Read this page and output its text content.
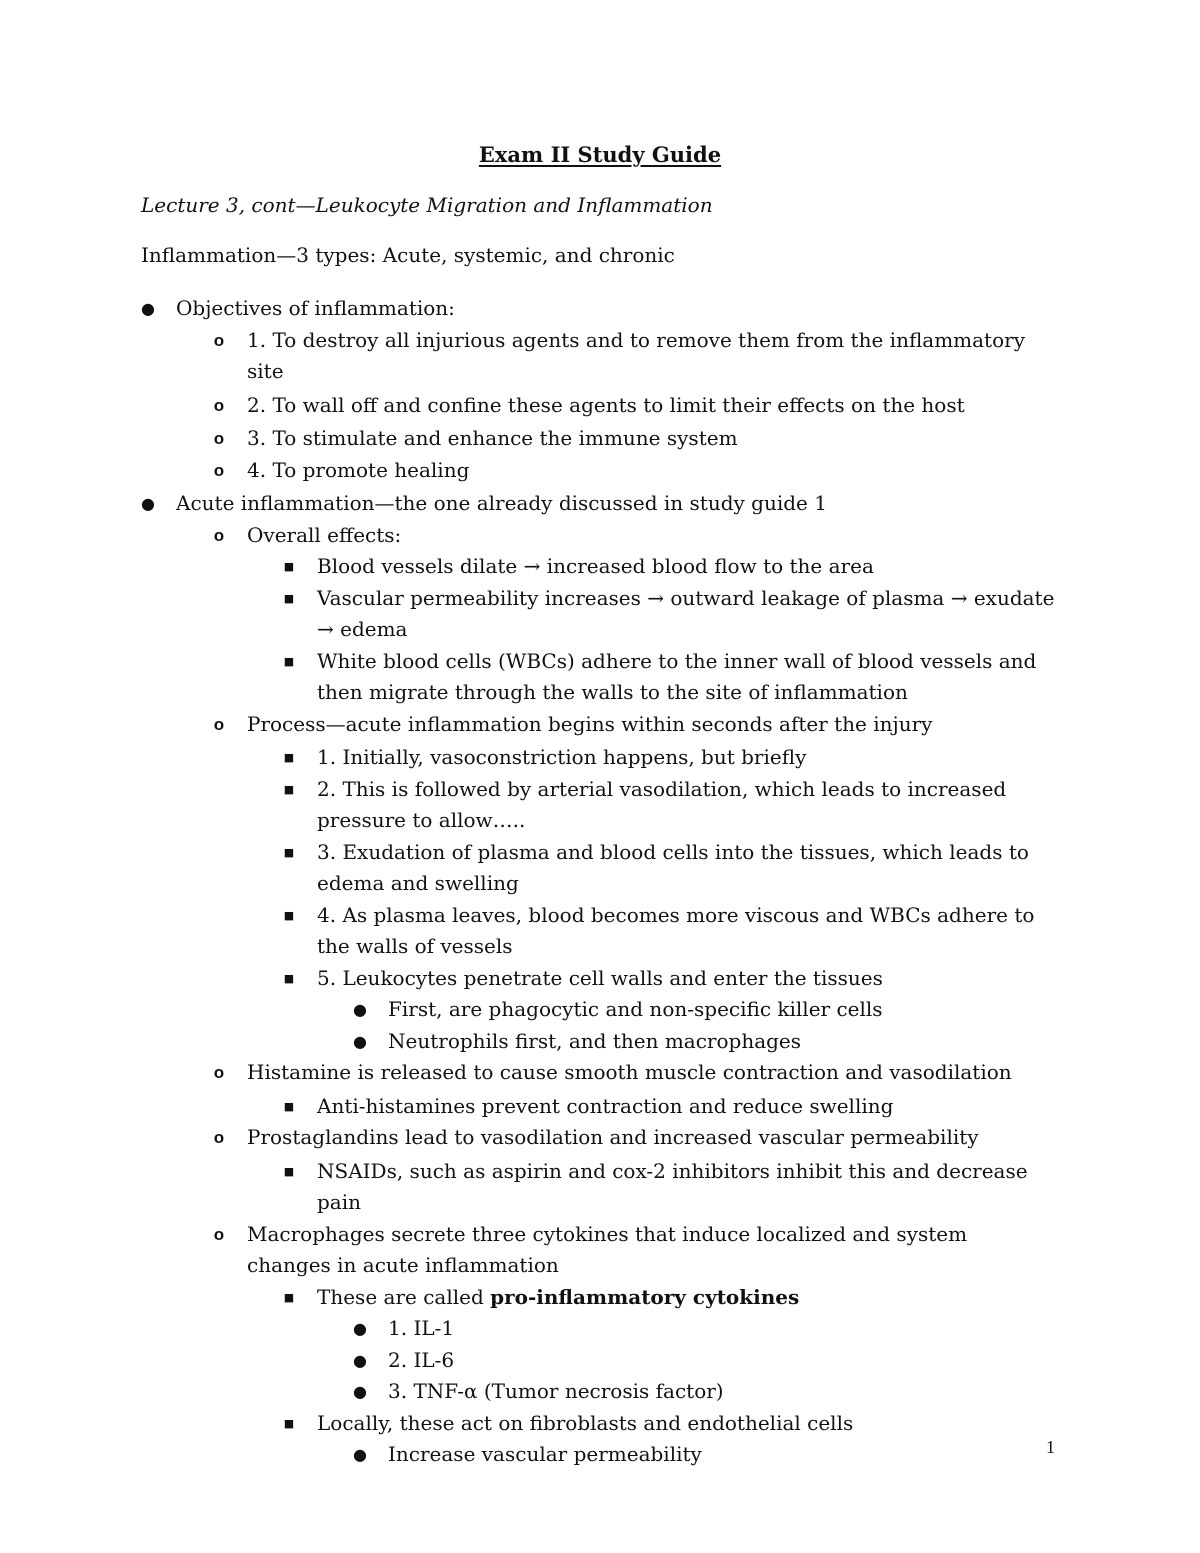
Exam II Study Guide
Lecture 3, cont—Leukocyte Migration and Inflammation
Inflammation—3 types: Acute, systemic, and chronic
● Objectives of inflammation:
o 1. To destroy all injurious agents and to remove them from the inflammatory site
o 2. To wall off and confine these agents to limit their effects on the host
o 3. To stimulate and enhance the immune system
o 4. To promote healing
● Acute inflammation—the one already discussed in study guide 1
o Overall effects:
■ Blood vessels dilate → increased blood flow to the area
■ Vascular permeability increases → outward leakage of plasma → exudate → edema
■ White blood cells (WBCs) adhere to the inner wall of blood vessels and then migrate through the walls to the site of inflammation
o Process—acute inflammation begins within seconds after the injury
■ 1. Initially, vasoconstriction happens, but briefly
■ 2. This is followed by arterial vasodilation, which leads to increased pressure to allow…..
■ 3. Exudation of plasma and blood cells into the tissues, which leads to edema and swelling
■ 4. As plasma leaves, blood becomes more viscous and WBCs adhere to the walls of vessels
■ 5. Leukocytes penetrate cell walls and enter the tissues
● First, are phagocytic and non-specific killer cells
● Neutrophils first, and then macrophages
o Histamine is released to cause smooth muscle contraction and vasodilation
■ Anti-histamines prevent contraction and reduce swelling
o Prostaglandins lead to vasodilation and increased vascular permeability
■ NSAIDs, such as aspirin and cox-2 inhibitors inhibit this and decrease pain
o Macrophages secrete three cytokines that induce localized and system changes in acute inflammation
■ These are called pro-inflammatory cytokines
● 1. IL-1
● 2. IL-6
● 3. TNF-α (Tumor necrosis factor)
■ Locally, these act on fibroblasts and endothelial cells
● Increase vascular permeability	1
